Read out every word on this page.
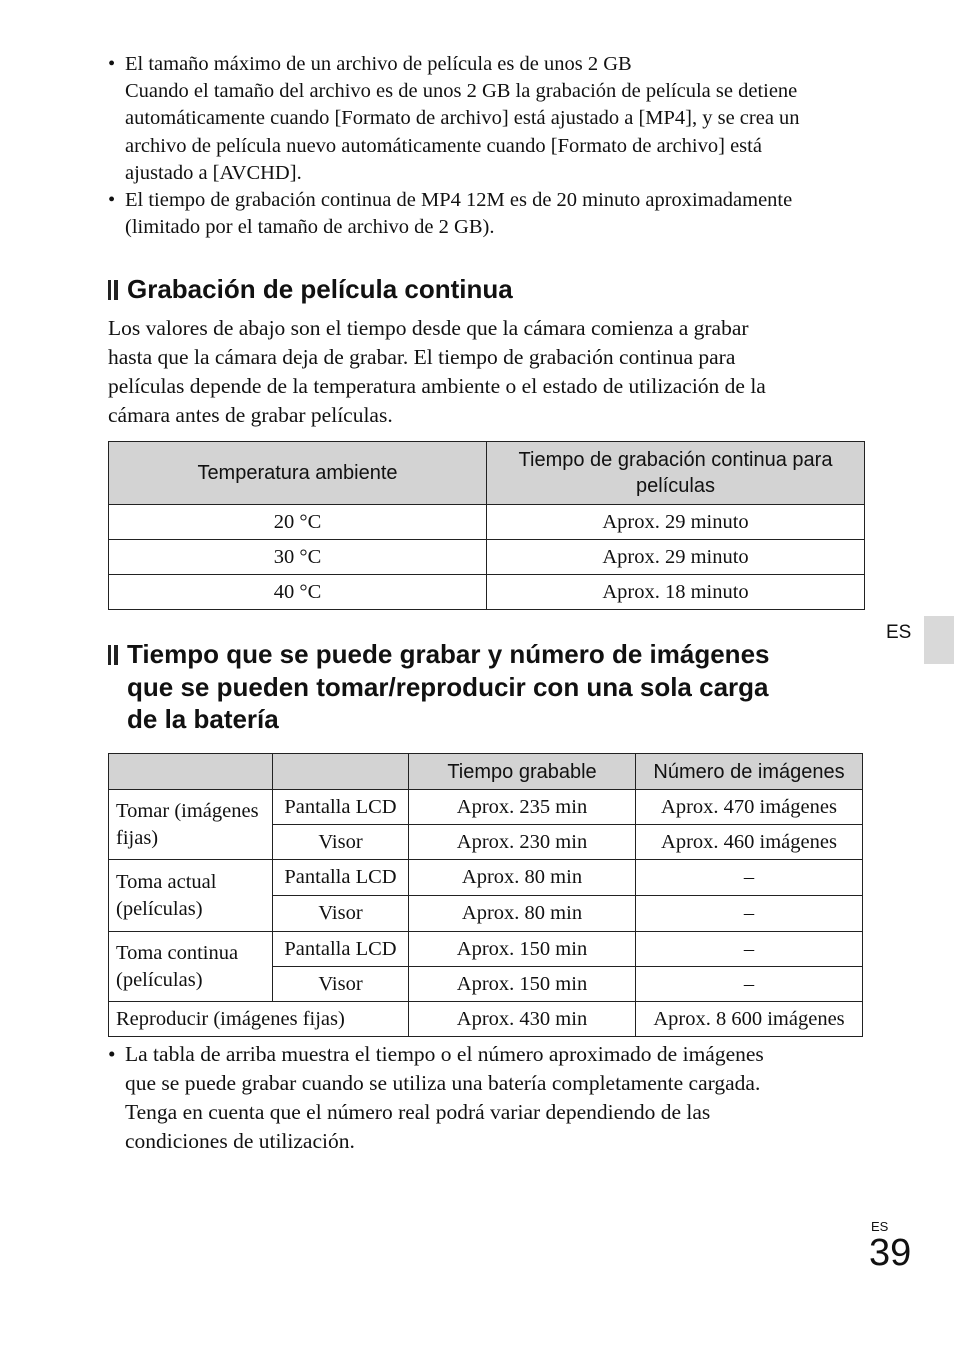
• El tamaño máximo de un archivo de película es de unos 2 GB
Cuando el tamaño del archivo es de unos 2 GB la grabación de película se detiene
automáticamente cuando [Formato de archivo] está ajustado a [MP4], y se crea un
archivo de película nuevo automáticamente cuando [Formato de archivo] está
ajustado a [AVCHD].
• El tiempo de grabación continua de MP4 12M es de 20 minuto aproximadamente
(limitado por el tamaño de archivo de 2 GB).
Grabación de película continua
Los valores de abajo son el tiempo desde que la cámara comienza a grabar
hasta que la cámara deja de grabar. El tiempo de grabación continua para
películas depende de la temperatura ambiente o el estado de utilización de la
cámara antes de grabar películas.
Temperatura ambiente	Tiempo de grabación continua para películas
20 °C	Aprox. 29 minuto
30 °C	Aprox. 29 minuto
40 °C	Aprox. 18 minuto
Tiempo que se puede grabar y número de imágenes
que se pueden tomar/reproducir con una sola carga
de la batería
		Tiempo grabable	Número de imágenes
Tomar (imágenes fijas)	Pantalla LCD	Aprox. 235 min	Aprox. 470 imágenes
	Visor	Aprox. 230 min	Aprox. 460 imágenes
Toma actual (películas)	Pantalla LCD	Aprox. 80 min	–
	Visor	Aprox. 80 min	–
Toma continua (películas)	Pantalla LCD	Aprox. 150 min	–
	Visor	Aprox. 150 min	–
Reproducir (imágenes fijas)		Aprox. 430 min	Aprox. 8 600 imágenes
• La tabla de arriba muestra el tiempo o el número aproximado de imágenes
que se puede grabar cuando se utiliza una batería completamente cargada.
Tenga en cuenta que el número real podrá variar dependiendo de las
condiciones de utilización.
ES
ES
39
